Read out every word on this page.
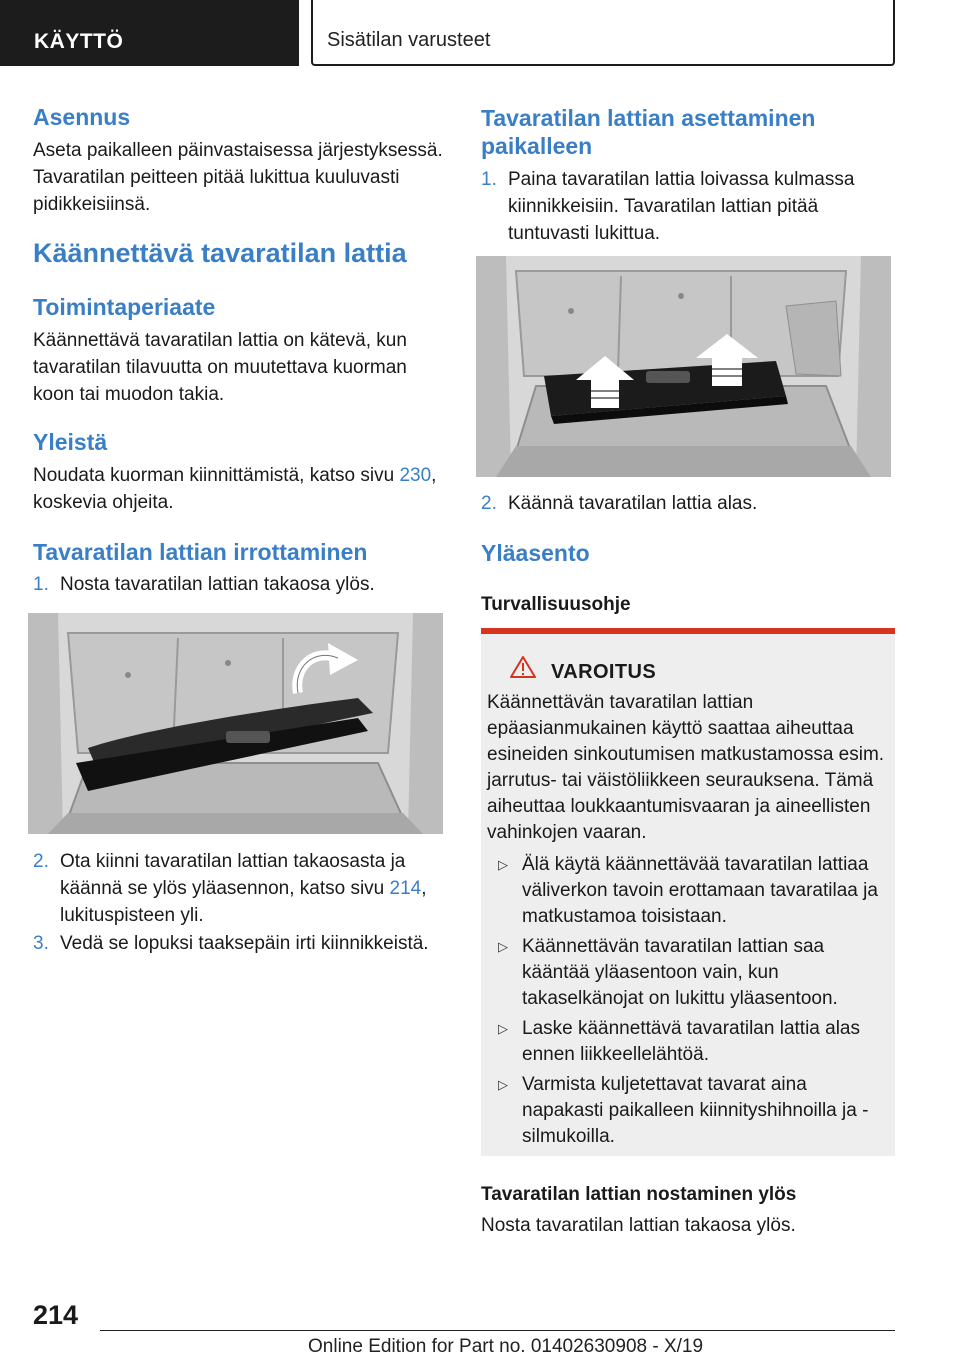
KÄYTTÖ	Sisätilan varusteet
Asennus
Aseta paikalleen päinvastaisessa järjestyksessä. Tavaratilan peitteen pitää lukittua kuuluvasti pidikkeisiinsä.
Käännettävä tavaratilan lattia
Toimintaperiaate
Käännettävä tavaratilan lattia on kätevä, kun tavaratilan tilavuutta on muutettava kuorman koon tai muodon takia.
Yleistä
Noudata kuorman kiinnittämistä, katso sivu 230, koskevia ohjeita.
Tavaratilan lattian irrottaminen
1. Nosta tavaratilan lattian takaosa ylös.
2. Ota kiinni tavaratilan lattian takaosasta ja käännä se ylös yläasennon, katso sivu 214, lukituspisteen yli.
3. Vedä se lopuksi taaksepäin irti kiinnikkeistä.
Tavaratilan lattian asettaminen paikalleen
1. Paina tavaratilan lattia loivassa kulmassa kiinnikkeisiin. Tavaratilan lattian pitää tuntuvasti lukittua.
2. Käännä tavaratilan lattia alas.
Yläasento
Turvallisuusohje
Tavaratilan lattian nostaminen ylös
Nosta tavaratilan lattian takaosa ylös.
VAROITUS
Käännettävän tavaratilan lattian epäasianmukainen käyttö saattaa aiheuttaa esineiden sinkoutumisen matkustamossa esim. jarrutus- tai väistöliikkeen seurauksena. Tämä aiheuttaa loukkaantumisvaaran ja aineellisten vahinkojen vaaran.
▷ Älä käytä käännettävää tavaratilan lattiaa väliverkon tavoin erottamaan tavaratilaa ja matkustamoa toisistaan.
▷ Käännettävän tavaratilan lattian saa kääntää yläasentoon vain, kun takaselkänojat on lukittu yläasentoon.
▷ Laske käännettävä tavaratilan lattia alas ennen liikkeellelähtöä.
▷ Varmista kuljetettavat tavarat aina napakasti paikalleen kiinnityshihnoilla ja -silmukoilla.
214
Online Edition for Part no. 01402630908 - X/19
